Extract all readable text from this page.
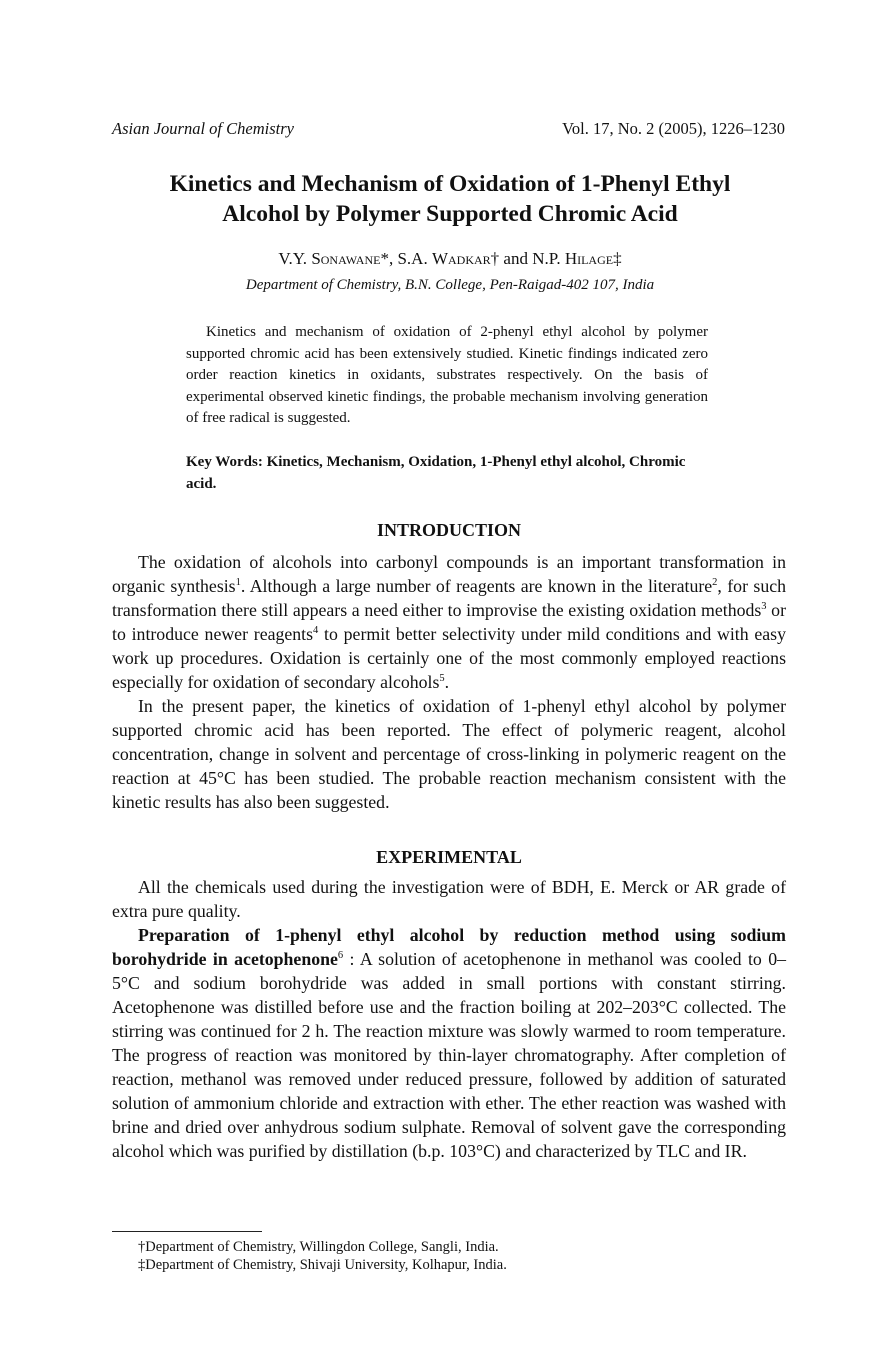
Asian Journal of Chemistry	Vol. 17, No. 2 (2005), 1226–1230
Kinetics and Mechanism of Oxidation of 1-Phenyl Ethyl
Alcohol by Polymer Supported Chromic Acid
V.Y. Sonawane*, S.A. Wadkar† and N.P. Hilage‡
Department of Chemistry, B.N. College, Pen-Raigad-402 107, India
Kinetics and mechanism of oxidation of 2-phenyl ethyl alcohol by polymer supported chromic acid has been extensively studied. Kinetic findings indicated zero order reaction kinetics in oxidants, substrates respectively. On the basis of experimental observed kinetic findings, the probable mechanism involving generation of free radical is suggested.
Key Words: Kinetics, Mechanism, Oxidation, 1-Phenyl ethyl alcohol, Chromic acid.
INTRODUCTION

The oxidation of alcohols into carbonyl compounds is an important transformation in organic synthesis$^1$. Although a large number of reagents are known in the literature$^2$, for such transformation there still appears a need either to improvise the existing oxidation methods$^3$ or to introduce newer reagents$^4$ to permit better selectivity under mild conditions and with easy work up procedures. Oxidation is certainly one of the most commonly employed reactions especially for oxidation of secondary alcohols$^5$.

In the present paper, the kinetics of oxidation of 1-phenyl ethyl alcohol by polymer supported chromic acid has been reported. The effect of polymeric reagent, alcohol concentration, change in solvent and percentage of cross-linking in polymeric reagent on the reaction at 45°C has been studied. The probable reaction mechanism consistent with the kinetic results has also been suggested.

EXPERIMENTAL

All the chemicals used during the investigation were of BDH, E. Merck or AR grade of extra pure quality.

Preparation of 1-phenyl ethyl alcohol by reduction method using sodium borohydride in acetophenone$^6$ : A solution of acetophenone in methanol was cooled to 0–5°C and sodium borohydride was added in small portions with constant stirring. Acetophenone was distilled before use and the fraction boiling at 202–203°C collected. The stirring was continued for 2 h. The reaction mixture was slowly warmed to room temperature. The progress of reaction was monitored by thin-layer chromatography. After completion of reaction, methanol was removed under reduced pressure, followed by addition of saturated solution of ammonium chloride and extraction with ether. The ether reaction was washed with brine and dried over anhydrous sodium sulphate. Removal of solvent gave the corresponding alcohol which was purified by distillation (b.p. 103°C) and characterized by TLC and IR.

†Department of Chemistry, Willingdon College, Sangli, India.
‡Department of Chemistry, Shivaji University, Kolhapur, India.
